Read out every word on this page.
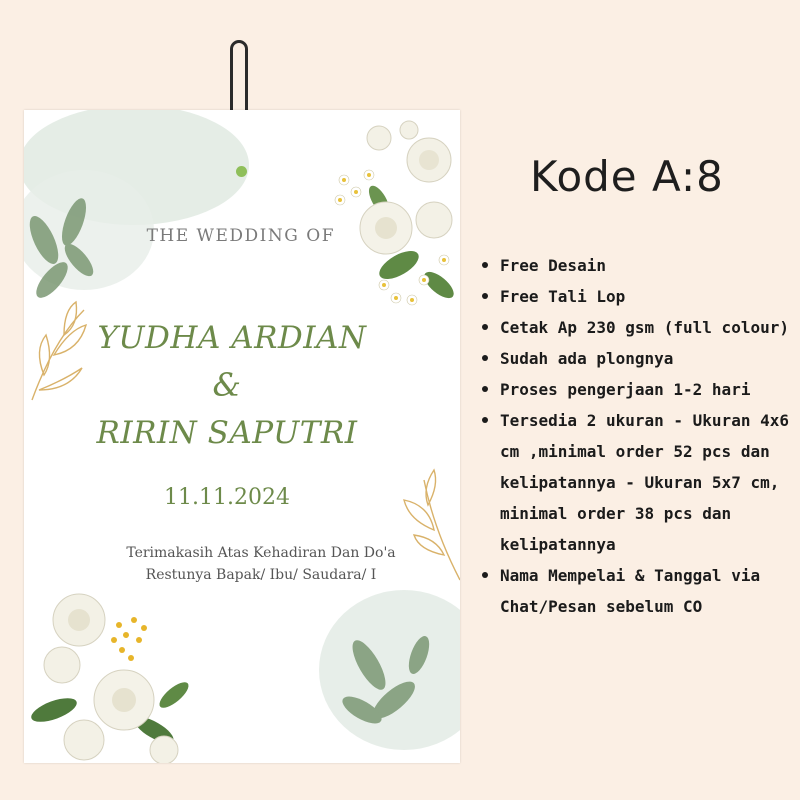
THE WEDDING OF
YUDHA ARDIAN
&
RIRIN SAPUTRI
11.11.2024
Terimakasih Atas Kehadiran Dan Do'a
Restunya Bapak/ Ibu/ Saudara/ I
Kode A:8
Free Desain
Free Tali Lop
Cetak Ap 230 gsm (full colour)
Sudah ada plongnya
Proses pengerjaan 1-2 hari
Tersedia 2 ukuran - Ukuran 4x6 cm ,minimal order 52 pcs dan kelipatannya - Ukuran 5x7 cm, minimal order 38 pcs dan kelipatannya
Nama Mempelai & Tanggal via Chat/Pesan sebelum CO
